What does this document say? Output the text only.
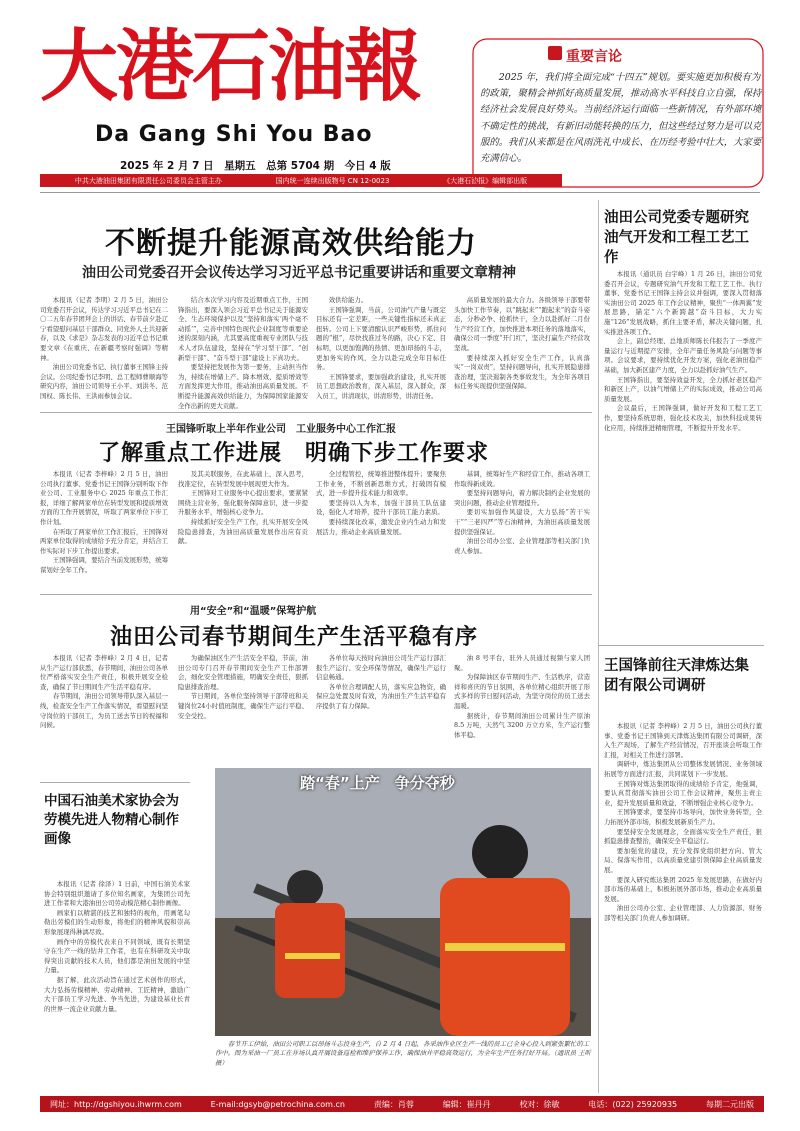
大港石油報
Da Gang Shi You Bao
2025 年 2 月 7 日　星期五　总第 5704 期　今日 4 版
中共大港油田集团有限责任公司委员会主管主办	国内统一连续出版物号 CN 12-0023	《大港石油报》编辑部出版
重要言论
2025 年，我们将全面完成“十四五”规划。要实施更加积极有为的政策，聚精会神抓好高质量发展，推动高水平科技自立自强，保持经济社会发展良好势头。当前经济运行面临一些新情况，有外部环境不确定性的挑战，有新旧动能转换的压力，但这些经过努力是可以克服的。我们从来都是在风雨洗礼中成长、在历经考验中壮大，大家要充满信心。
不断提升能源高效供给能力
油田公司党委召开会议传达学习习近平总书记重要讲话和重要文章精神

本报讯（记者 李明）2 月 5 日，油田公司党委召开会议，传达学习习近平总书记在二〇二五年春节团拜会上的讲话、春节前夕赴辽宁看望慰问基层干部群众、同党外人士共迎新春，以及《求是》杂志发表的习近平总书记重要文章《在重庆、在新疆考察时强调》等精神。

油田公司党委书记、执行董事王国锋主持会议。公司纪委书记李明、总工程师曹顺海等研究内容，油田公司领导王小平、刘洪冬、范国权、陈长伟、王洪雨参加会议。

结合本次学习内容及近期重点工作，王国锋指出，要深入领会习近平总书记关于能源安全、生态环境保护以及“坚持和落实‘两个毫不动摇’”，完善中国特色现代企业制度等重要论述的深刻内涵，尤其要高度重视专业团队与技术人才队伍建设，坚持在“学习型干部”、“创新型干部”、“奋斗型干部”建设上下真功夫。

要坚持把发展作为第一要务，主动担当作为，持续在增储上产、降本增效、提质增效等方面发挥更大作用，推动油田高质量发展。不断提升能源高效供给能力，为保障国家能源安全作出新的更大贡献。

效供给能力。

王国锋强调，当前，公司油气产量与既定目标还有一定差距，一些关键性指标还未真正扭转。公司上下要清醒认识严峻形势，抓住问题的“根”，尽快找准过冬的路，决心下定、目标明，以更加饱满的热情、更加昂扬的斗志，更加务实的作风，全力以赴完成全年目标任务。

王国锋要求，要加强政治建设，扎实开展员工思想政治教育，深入基层，深入群众，深入员工，讲清现状，讲清形势，讲清任务。

高质量发展的最大合力。各级领导干部要带头加快工作节奏，以“跳起来”“跑起来”的奋斗姿态，分秒必争、抢抓快干，全力以赴抓好二月份生产经营工作，加快推进本项任务的落地落实，确保公司一季度“开门红”，坚决打赢生产经营攻坚战。

要持续深入抓好安全生产工作，认真落实“一岗双责”，坚持问题导向，扎实开展隐患排查治理，坚决遏制各类事故发生，为全年各项目标任务实现提供坚强保障。

油田公司党委专题研究油气开发和工程工艺工作

本报讯（通讯员 白宇峰）1 月 26 日，油田公司党委召开会议，专题研究油气开发和工程工艺工作。执行董事、党委书记王国锋主持会议并强调，要深入贯彻落实油田公司 2025 年工作会议精神，聚焦“一体两翼”发展思路，锚定“六个新跨越”奋斗目标，大力实施“126”发展战略，抓住主要矛盾，解决关键问题，扎实推进各项工作。

会上，副总经理、总地质师陈长伟报告了一季度产量运行与近期提产安排，全年产量任务风险与问题等事项。会议要求，要持续优化开发方案，强化老油田稳产基础，加大新区建产力度，全力以赴抓好油气生产。

王国锋指出，要坚持效益开发，全力抓好老区稳产和新区上产，以油气增储上产的实际成效，推动公司高质量发展。

会议最后，王国锋强调，做好开发和工程工艺工作，要坚持系统思维，强化技术攻关，加快科技成果转化应用，持续推进精细管理，不断提升开发水平。

王国锋前往天津炼达集团有限公司调研

本报讯（记者 李梓峰）2 月 5 日，油田公司执行董事、党委书记王国锋到天津炼达集团有限公司调研，深入生产现场，了解生产经营情况，召开座谈会听取工作汇报，对相关工作进行部署。

调研中，炼达集团从公司整体发展情况、业务领域拓展等方面进行汇报，共同谋划下一步发展。

王国锋对炼达集团取得的成绩给予肯定，他强调，要认真贯彻落实油田公司工作会议精神，聚焦主责主业，提升发展质量和效益，不断增强企业核心竞争力。

王国锋要求，要坚持市场导向，加快业务转型，全力拓展外部市场，积极发展新质生产力。

要坚持安全发展理念，全面落实安全生产责任，狠抓隐患排查整治，确保安全平稳运行。

要加强党的建设，充分发挥党组织把方向、管大局、保落实作用，以高质量党建引领保障企业高质量发展。

要深入研究炼达集团 2025 年发展思路，在做好内部市场的基础上，积极拓展外部市场，推动企业高质量发展。

油田公司办公室、企业管理部、人力资源部、财务部等相关部门负责人参加调研。

王国锋听取上半年作业公司　工业服务中心工作汇报
了解重点工作进展　明确下步工作要求

本报讯（记者 李梓峰）2 月 5 日，油田公司执行董事、党委书记王国锋分别听取下作业公司、工业服务中心 2025 年重点工作汇报，详细了解两家单位在转型发展和提质增效方面的工作开展情况，听取了两家单位下步工作计划。

在听取了两家单位工作汇报后，王国锋对两家单位取得的成绩给予充分肯定，并结合工作实际对下步工作提出要求。

王国锋强调，要结合当前发展形势，统筹谋划好全年工作。

及其关联服务，在此基础上，深入思考，找准定位，在转型发展中展现更大作为。

王国锋对工业服务中心提出要求，要紧紧围绕主营业务，强化服务保障意识，进一步提升服务水平，增强核心竞争力。

持续抓好安全生产工作，扎实开展安全风险隐患排查，为油田高质量发展作出应有贡献。

全过程管控，统筹推进整体提升；要聚焦工作业务，不断创新思维方式，打破固有模式，进一步提升技术能力和效率。

要坚持以人为本，加强干部员工队伍建设，强化人才培养，提升干部员工能力素质。

要持续深化改革，激发企业内生动力和发展活力，推动企业高质量发展。

基调，统筹好生产和经营工作，推动各项工作取得新成效。

要坚持问题导向，着力解决制约企业发展的突出问题，推动企业管理提升。

要切实加强作风建设，大力弘扬“苦干实干”“三老四严”等石油精神，为油田高质量发展提供坚强保证。

油田公司办公室、企业管理部等相关部门负责人参加。

用“安全”和“温暖”保驾护航
油田公司春节期间生产生活平稳有序

本报讯（记者 李梓峰）2 月 4 日，记者从生产运行部获悉，春节期间，油田公司各单位严格落实安全生产责任，积极开展安全检查，确保了节日期间生产生活平稳有序。

春节期间，油田公司领导带队深入基层一线，检查安全生产工作落实情况，看望慰问坚守岗位的干部员工，为员工送去节日的祝福和问候。

为确保油区生产生活安全平稳，节前，油田公司专门召开春节期间安全生产工作部署会，细化安全管理措施，明确安全责任，狠抓隐患排查治理。

节日期间，各单位坚持领导干部带班和关键岗位24小时值班制度，确保生产运行平稳、安全受控。

各单位每天按时向油田公司生产运行部汇报生产运行、安全环保等情况，确保生产运行信息畅通。

各单位合理调配人员，落实应急物资，确保应急处置及时有效，为油田生产生活平稳有序提供了有力保障。

油 8 号平台，驻外人员通过视频与家人团聚。

为保障油区春节期间生产、生活秩序，营造祥和喜庆的节日氛围，各单位精心组织开展了形式多样的节日慰问活动，为坚守岗位的员工送去温暖。

据统计，春节期间油田公司累计生产原油 8.5 万吨，天然气 3200 万立方米，生产运行整体平稳。

中国石油美术家协会为劳模先进人物精心制作画像

本报讯（记者 徐泽）1 日前，中国石油美术家协会特别组织邀请了多位知名画家，为集团公司先进工作者和大港油田公司劳动模范精心制作画像。

画家们以精湛的技艺和独特的视角，用画笔勾勒出劳模们的生动形象，将他们的精神风貌和崇高形象展现得淋漓尽致。

画作中的劳模代表来自不同领域，既有长期坚守在生产一线的钻井工作者，也有在科研攻关中取得突出贡献的技术人员，他们都是油田发展的中坚力量。

据了解，此次活动旨在通过艺术创作的形式，大力弘扬劳模精神、劳动精神、工匠精神，激励广大干部员工学习先进、争当先进，为建设基业长青的世界一流企业贡献力量。

踏“春”上产　争分夺秒
春节开工伊始，油田公司职工以昂扬斗志投身生产，自 2 月 4 日起，各采油作业区生产一线的员工已全身心投入到紧张繁忙的工作中。图为采油一厂员工在井场认真开展设备巡检和维护保养工作，确保油井平稳高效运行，为全年生产任务打好开局。（通讯员 王昕 摄）
网址：http://dgshiyou.ihwrm.com	E-mail:dgsyb@petrochina.com.cn	责编：肖蓉	编辑：崔丹丹	校对：徐敏	电话：(022) 25920935	每期二元出版
